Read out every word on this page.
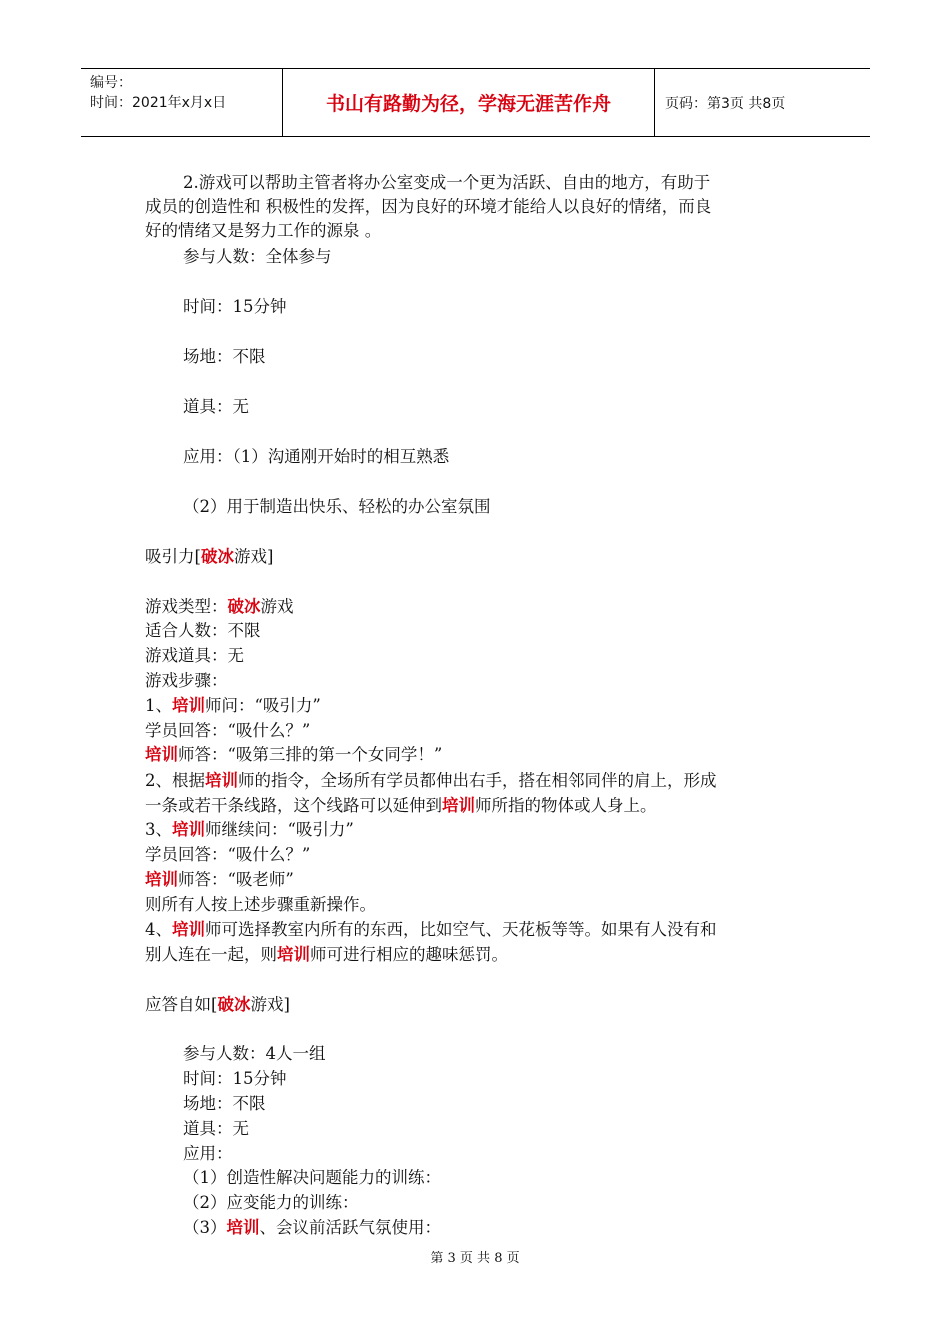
编号：
时间：2021年x月x日	书山有路勤为径，学海无涯苦作舟	页码：第3页 共8页
2.游戏可以帮助主管者将办公室变成一个更为活跃、自由的地方，有助于
成员的创造性和 积极性的发挥，因为良好的环境才能给人以良好的情绪，而良
好的情绪又是努力工作的源泉 。
参与人数：全体参与
时间：15分钟
场地：不限
道具：无
应用：（1）沟通刚开始时的相互熟悉
（2）用于制造出快乐、轻松的办公室氛围
吸引力[破冰游戏]
游戏类型：破冰游戏
适合人数：不限
游戏道具：无
游戏步骤：
1、培训师问：“吸引力”
学员回答：“吸什么？”
培训师答：“吸第三排的第一个女同学！”
2、根据培训师的指令，全场所有学员都伸出右手，搭在相邻同伴的肩上，形成
一条或若干条线路，这个线路可以延伸到培训师所指的物体或人身上。
3、培训师继续问：“吸引力”
学员回答：“吸什么？”
培训师答：“吸老师”
则所有人按上述步骤重新操作。
4、培训师可选择教室内所有的东西，比如空气、天花板等等。如果有人没有和
别人连在一起，则培训师可进行相应的趣味惩罚。
应答自如[破冰游戏]
参与人数：4人一组
时间：15分钟
场地：不限
道具：无
应用：
（1）创造性解决问题能力的训练：
（2）应变能力的训练：
（3）培训、会议前活跃气氛使用：
第 3 页 共 8 页
